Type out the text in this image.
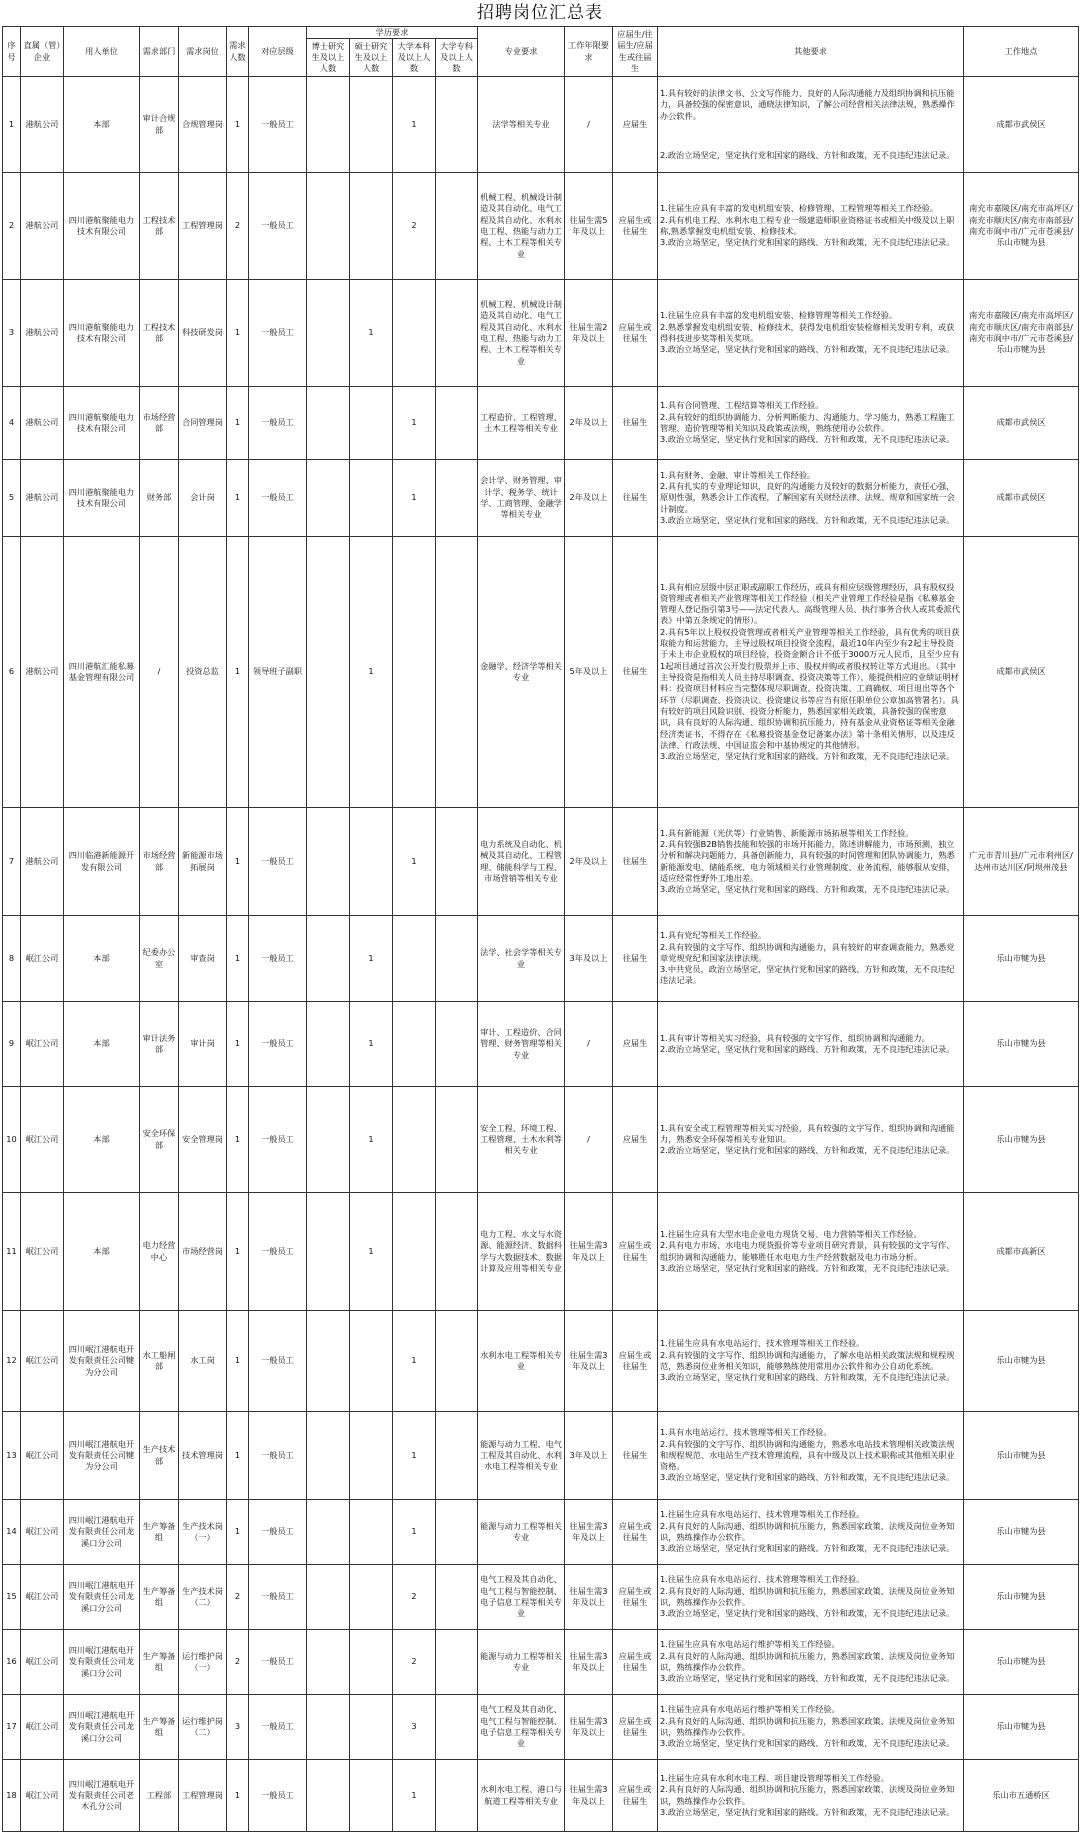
招聘岗位汇总表
序号	直属（管）企业	用人单位	需求部门	需求岗位	需求人数	对应层级	学历要求				专业要求	工作年限要求	应届生/往届生/应届生或往届生	其他要求	工作地点
							博士研究生及以上人数	硕士研究生及以上人数	大学本科及以上人数	大学专科及以上人数					
1	港航公司	本部	审计合规部	合规管理岗	1	一般员工			1		法学等相关专业	/	应届生	1.具有较好的法律文书、公文写作能力、良好的人际沟通能力及组织协调和抗压能力，具备较强的保密意识，通晓法律知识，了解公司经营相关法律法规，熟悉操作办公软件。
2.政治立场坚定，坚定执行党和国家的路线、方针和政策，无不良违纪违法记录。	成都市武侯区
2	港航公司	四川港航聚能电力技术有限公司	工程技术部	工程管理岗	2	一般员工			2		机械工程、机械设计制造及其自动化、电气工程及其自动化、水利水电工程、热能与动力工程、土木工程等相关专业	往届生需5年及以上	应届生或往届生	1.往届生应具有丰富的发电机组安装、检修管理、工程管理等相关工作经验。
2.具有机电工程、水利水电工程专业一级建造师职业资格证书或相关中级及以上职称,熟悉掌握发电机组安装、检修技术。
3.政治立场坚定，坚定执行党和国家的路线、方针和政策，无不良违纪违法记录。	南充市嘉陵区/南充市高坪区/南充市顺庆区/南充市南部县/南充市阆中市/广元市苍溪县/乐山市犍为县
3	港航公司	四川港航聚能电力技术有限公司	工程技术部	科技研发岗	1	一般员工		1			机械工程、机械设计制造及其自动化、电气工程及其自动化、水利水电工程、热能与动力工程、土木工程等相关专业	往届生需2年及以上	应届生或往届生	1.往届生应具有丰富的发电机组安装、检修管理等相关工作经验。
2.熟悉掌握发电机组安装、检修技术，获得发电机组安装检修相关发明专利，或获得科技进步奖等相关奖项。
3.政治立场坚定，坚定执行党和国家的路线、方针和政策，无不良违纪违法记录。	南充市嘉陵区/南充市高坪区/南充市顺庆区/南充市南部县/南充市阆中市/广元市苍溪县/乐山市犍为县
4	港航公司	四川港航聚能电力技术有限公司	市场经营部	合同管理岗	1	一般员工			1		工程造价、工程管理、土木工程等相关专业	2年及以上	往届生	1.具有合同管理、工程结算等相关工作经验。
2.具有较好的组织协调能力、分析判断能力、沟通能力、学习能力，熟悉工程施工管理、造价管理等相关知识及政策或法规，熟练使用办公软件。
3.政治立场坚定，坚定执行党和国家的路线、方针和政策，无不良违纪违法记录。	成都市武侯区
5	港航公司	四川港航聚能电力技术有限公司	财务部	会计岗	1	一般员工			1		会计学、财务管理、审计学、税务学、统计学、工商管理、金融学等相关专业	2年及以上	往届生	1.具有财务、金融、审计等相关工作经验。
2.具有扎实的专业理论知识，良好的沟通能力及较好的数据分析能力，责任心强，原则性强，熟悉会计工作流程，了解国家有关财经法律、法规、规章和国家统一会计制度。
3.政治立场坚定，坚定执行党和国家的路线、方针和政策，无不良违纪违法记录。	成都市武侯区
6	港航公司	四川港航汇能私募基金管理有限公司	/	投资总监	1	领导班子副职		1			金融学、经济学等相关专业	5年及以上	往届生	1.具有相应层级中层正职或副职工作经历，或具有相应层级管理经历，具有股权投资管理或者相关产业管理等相关工作经验（相关产业管理工作经验是指《私募基金管理人登记指引第3号——法定代表人、高级管理人员、执行事务合伙人或其委派代表》中第五条规定的情形）。
2.具有5年以上股权投资管理或者相关产业管理等相关工作经验，具有优秀的项目获取能力和运营能力，主导过股权项目投资全流程，最近10年内至少有2起主导投资于未上市企业股权的项目经验，投资金额合计不低于3000万元人民币，且至少应有1起项目通过首次公开发行股票并上市、股权并购或者股权转让等方式退出。（其中主导投资是指相关人员主持尽职调查、投资决策等工作），能提供相应的业绩证明材料：投资项目材料应当完整体现尽职调查、投资决策、工商确权、项目退出等各个环节（尽职调查、投资决议、投资建议书等应当有原任职单位公章加高管署名）。具有较好的项目风险识别、投资分析能力，熟悉国家相关政策，具备较强的保密意识，具有良好的人际沟通、组织协调和抗压能力，持有基金从业资格证等相关金融经济类证书，不得存在《私募投资基金登记备案办法》第十条相关情形，以及违反法律、行政法规、中国证监会和中基协规定的其他情形。
3.政治立场坚定，坚定执行党和国家的路线、方针和政策，无不良违纪违法记录。	成都市武侯区
7	港航公司	四川临港新能源开发有限公司	市场经营部	新能源市场拓展岗	1	一般员工			1		电力系统及自动化、机械及其自动化、工程管理、储能科学与工程、市场营销等相关专业	2年及以上	往届生	1.具有新能源（光伏等）行业销售、新能源市场拓展等相关工作经验。
2.具有较强B2B销售技能和较强的市场开拓能力，陈述讲解能力，市场预测，独立分析和解决问题能力，具备创新能力，具有较强的时间管理和团队协调能力，熟悉新能源发电、储能系统、电力领域相关行业管理制度、业务流程，能够服从安排，适应经常性野外工地出差。
3.政治立场坚定，坚定执行党和国家的路线、方针和政策，无不良违纪违法记录。	广元市青川县/广元市利州区/达州市达川区/阿坝州茂县
8	岷江公司	本部	纪委办公室	审查岗	1	一般员工		1			法学、社会学等相关专业	3年及以上	往届生	1.具有党纪等相关工作经验。
2.具有较强的文字写作、组织协调和沟通能力，具有较好的审查调查能力，熟悉党章党规党纪和国家法律法规。
3.中共党员，政治立场坚定，坚定执行党和国家的路线、方针和政策，无不良违纪违法记录。	乐山市犍为县
9	岷江公司	本部	审计法务部	审计岗	1	一般员工		1			审计、工程造价、合同管理、财务管理等相关专业	/	应届生	1.具有审计等相关实习经验，具有较强的文字写作、组织协调和沟通能力。
2.政治立场坚定，坚定执行党和国家的路线、方针和政策，无不良违纪违法记录。	乐山市犍为县
10	岷江公司	本部	安全环保部	安全管理岗	1	一般员工		1			安全工程、环境工程、工程管理、土木水利等相关专业	/	应届生	1.具有安全或工程管理等相关实习经验，具有较强的文字写作、组织协调和沟通能力，熟悉安全环保等相关专业知识。
2.政治立场坚定，坚定执行党和国家的路线、方针和政策，无不良违纪违法记录。	乐山市犍为县
11	岷江公司	本部	电力经营中心	市场经营岗	1	一般员工		1			电力工程、水文与水资源、能源经济、数据科学与大数据技术、数据计算及应用等相关专业	往届生需3年及以上	应届生或往届生	1.往届生应具有大型水电企业电力现货交易、电力营销等相关工作经验。
2.具有电力市场、水电电力现货报价等专业项目研究背景，具有较强的文字写作、组织协调和沟通能力，能够胜任水电电力生产经营数据及电力市场分析。
3.政治立场坚定，坚定执行党和国家的路线、方针和政策，无不良违纪违法记录。	成都市高新区
12	岷江公司	四川岷江港航电开发有限责任公司犍为分公司	水工船闸部	水工岗	1	一般员工			1		水利水电工程等相关专业	往届生需3年及以上	应届生或往届生	1.往届生应具有水电站运行、技术管理等相关工作经验。
2.具有较强的文字写作、组织协调和沟通能力，了解水电站相关政策法规和规程规范，熟悉岗位业务相关知识，能够熟练使用常用办公软件和办公自动化系统。
3.政治立场坚定，坚定执行党和国家的路线、方针和政策，无不良违纪违法记录。	乐山市犍为县
13	岷江公司	四川岷江港航电开发有限责任公司犍为分公司	生产技术部	技术管理岗	1	一般员工			1		能源与动力工程、电气工程及其自动化、水利水电工程等相关专业	3年及以上	往届生	1.具有水电站运行、技术管理等相关工作经验。
2.具有较强的文字写作、组织协调和沟通能力，熟悉水电站技术管理相关政策法规和规程规范、水电站生产技术管理流程，具有中级及以上技术职称或其他相关职业资格。
3.政治立场坚定，坚定执行党和国家的路线、方针和政策，无不良违纪违法记录。	乐山市犍为县
14	岷江公司	四川岷江港航电开发有限责任公司龙溪口分公司	生产筹备组	生产技术岗（一）	1	一般员工			1		能源与动力工程等相关专业	往届生需3年及以上	应届生或往届生	1.往届生应具有水电站运行、技术管理等相关工作经验。
2.具有良好的人际沟通、组织协调和抗压能力，熟悉国家政策、法规及岗位业务知识，熟练操作办公软件。
3.政治立场坚定，坚定执行党和国家的路线、方针和政策，无不良违纪违法记录。	乐山市犍为县
15	岷江公司	四川岷江港航电开发有限责任公司龙溪口分公司	生产筹备组	生产技术岗（二）	2	一般员工			2		电气工程及其自动化、电气工程与智能控制、电子信息工程等相关专业	往届生需3年及以上	应届生或往届生	1.往届生应具有水电站运行、技术管理等相关工作经验。
2.具有良好的人际沟通、组织协调和抗压能力，熟悉国家政策、法规及岗位业务知识，熟练操作办公软件。
3.政治立场坚定，坚定执行党和国家的路线、方针和政策，无不良违纪违法记录。	乐山市犍为县
16	岷江公司	四川岷江港航电开发有限责任公司龙溪口分公司	生产筹备组	运行维护岗（一）	2	一般员工			2		能源与动力工程等相关专业	往届生需3年及以上	应届生或往届生	1.往届生应具有水电站运行维护等相关工作经验。
2.具有良好的人际沟通、组织协调和抗压能力，熟悉国家政策、法规及岗位业务知识，熟练操作办公软件。
3.政治立场坚定，坚定执行党和国家的路线、方针和政策，无不良违纪违法记录。	乐山市犍为县
17	岷江公司	四川岷江港航电开发有限责任公司龙溪口分公司	生产筹备组	运行维护岗（二）	3	一般员工			3		电气工程及其自动化、电气工程与智能控制、电子信息工程等相关专业	往届生需3年及以上	应届生或往届生	1.往届生应具有水电站运行维护等相关工作经验。
2.具有良好的人际沟通、组织协调和抗压能力，熟悉国家政策、法规及岗位业务知识，熟练操作办公软件。
3.政治立场坚定，坚定执行党和国家的路线、方针和政策，无不良违纪违法记录。	乐山市犍为县
18	岷江公司	四川岷江港航电开发有限责任公司老木孔分公司	工程部	工程管理岗	1	一般员工			1		水利水电工程、港口与航道工程等相关专业	往届生需3年及以上	应届生或往届生	1.往届生应具有水利水电工程、项目建设管理等相关工作经验。
2.具有良好的人际沟通、组织协调和抗压能力，熟悉国家政策、法规及岗位业务知识，熟练操作办公软件。
3.政治立场坚定，坚定执行党和国家的路线、方针和政策，无不良违纪违法记录。	乐山市五通桥区
